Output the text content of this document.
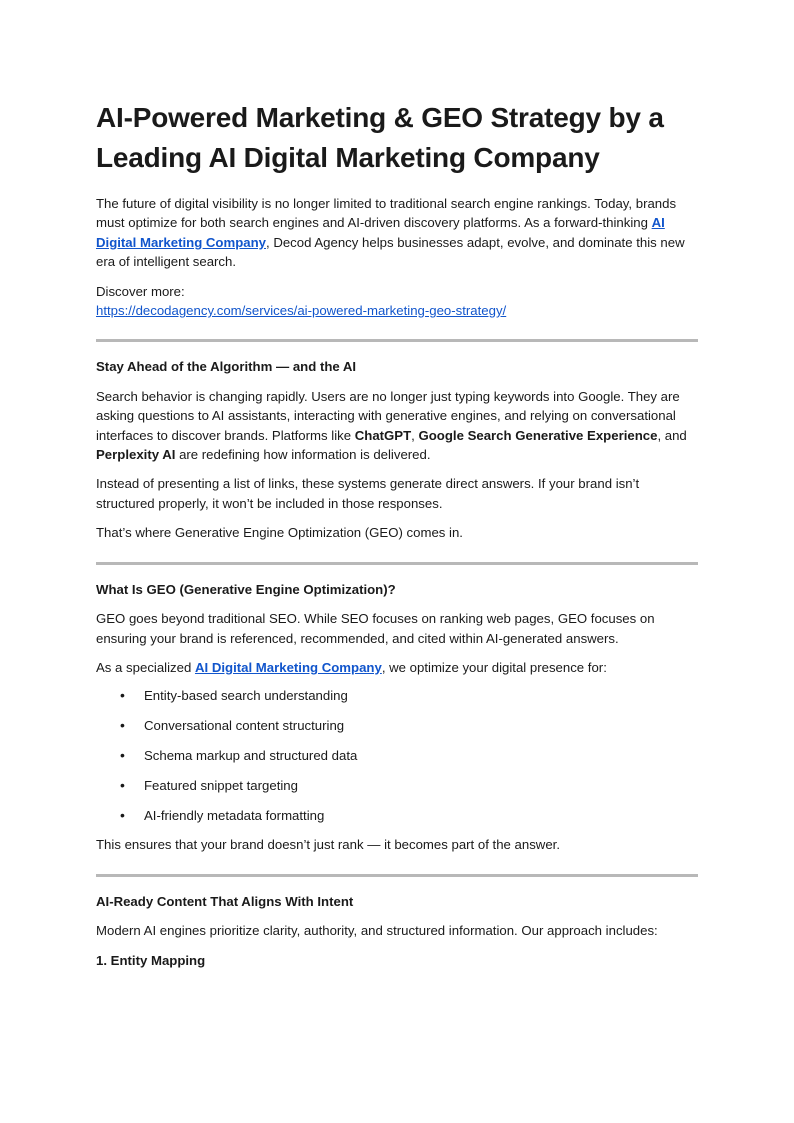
AI-Powered Marketing & GEO Strategy by a Leading AI Digital Marketing Company

The future of digital visibility is no longer limited to traditional search engine rankings. Today, brands must optimize for both search engines and AI-driven discovery platforms. As a forward-thinking AI Digital Marketing Company, Decod Agency helps businesses adapt, evolve, and dominate this new era of intelligent search.

Discover more:
https://decodagency.com/services/ai-powered-marketing-geo-strategy/

Stay Ahead of the Algorithm — and the AI

Search behavior is changing rapidly. Users are no longer just typing keywords into Google. They are asking questions to AI assistants, interacting with generative engines, and relying on conversational interfaces to discover brands. Platforms like ChatGPT, Google Search Generative Experience, and Perplexity AI are redefining how information is delivered.

Instead of presenting a list of links, these systems generate direct answers. If your brand isn’t structured properly, it won’t be included in those responses.

That’s where Generative Engine Optimization (GEO) comes in.

What Is GEO (Generative Engine Optimization)?

GEO goes beyond traditional SEO. While SEO focuses on ranking web pages, GEO focuses on ensuring your brand is referenced, recommended, and cited within AI-generated answers.

As a specialized AI Digital Marketing Company, we optimize your digital presence for:

• Entity-based search understanding
• Conversational content structuring
• Schema markup and structured data
• Featured snippet targeting
• AI-friendly metadata formatting

This ensures that your brand doesn’t just rank — it becomes part of the answer.

AI-Ready Content That Aligns With Intent

Modern AI engines prioritize clarity, authority, and structured information. Our approach includes:

1. Entity Mapping
